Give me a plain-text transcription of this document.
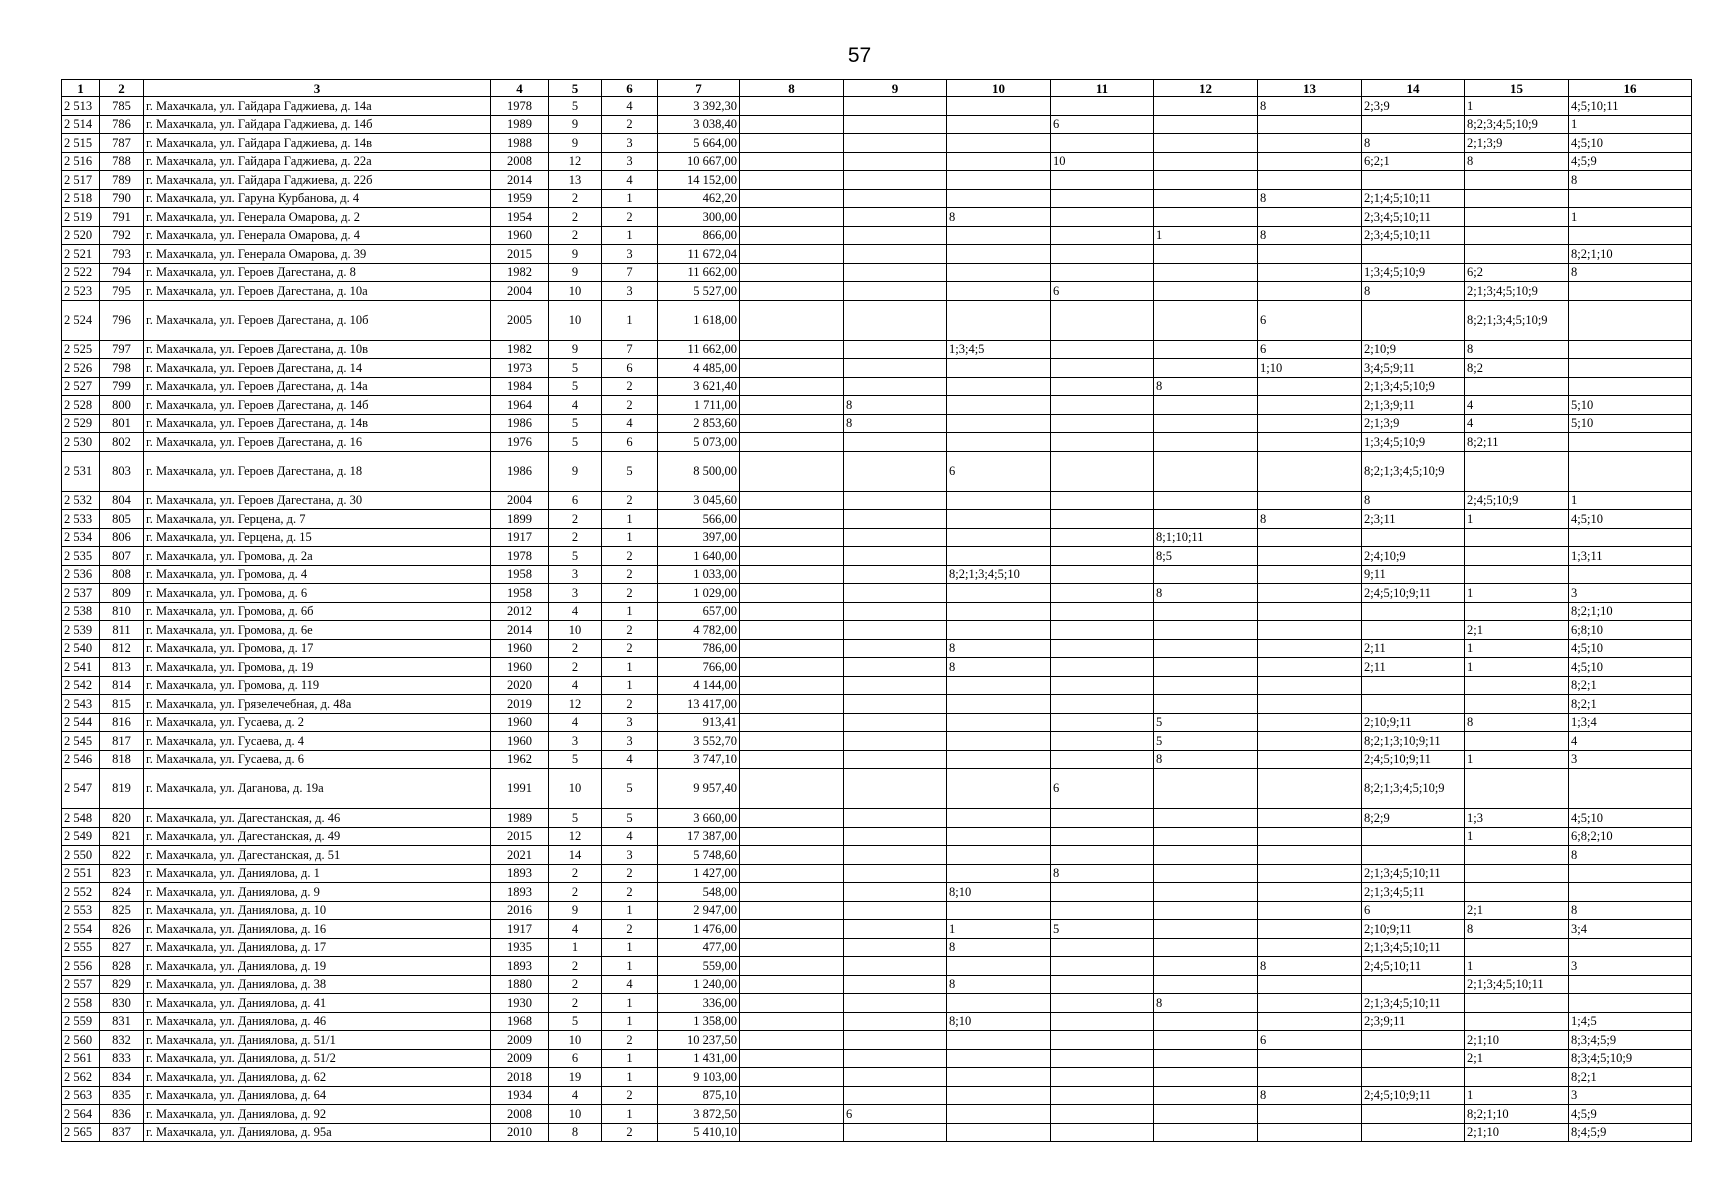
57
1	2	3	4	5	6	7	8	9	10	11	12	13	14	15	16
2 513	785	г. Махачкала, ул. Гайдара Гаджиева, д. 14а	1978	5	4	3 392,30						8	2;3;9	1	4;5;10;11
2 514	786	г. Махачкала, ул. Гайдара Гаджиева, д. 14б	1989	9	2	3 038,40				6				8;2;3;4;5;10;9	1
2 515	787	г. Махачкала, ул. Гайдара Гаджиева, д. 14в	1988	9	3	5 664,00							8	2;1;3;9	4;5;10
2 516	788	г. Махачкала, ул. Гайдара Гаджиева, д. 22а	2008	12	3	10 667,00				10			6;2;1	8	4;5;9
2 517	789	г. Махачкала, ул. Гайдара Гаджиева, д. 22б	2014	13	4	14 152,00									8
2 518	790	г. Махачкала, ул. Гаруна Курбанова, д. 4	1959	2	1	462,20						8	2;1;4;5;10;11		
2 519	791	г. Махачкала, ул. Генерала Омарова, д. 2	1954	2	2	300,00			8				2;3;4;5;10;11		1
2 520	792	г. Махачкала, ул. Генерала Омарова, д. 4	1960	2	1	866,00					1	8	2;3;4;5;10;11		
2 521	793	г. Махачкала, ул. Генерала Омарова, д. 39	2015	9	3	11 672,04									8;2;1;10
2 522	794	г. Махачкала, ул. Героев Дагестана, д. 8	1982	9	7	11 662,00							1;3;4;5;10;9	6;2	8
2 523	795	г. Махачкала, ул. Героев Дагестана, д. 10а	2004	10	3	5 527,00				6			8	2;1;3;4;5;10;9	
2 524	796	г. Махачкала, ул. Героев Дагестана, д. 10б	2005	10	1	1 618,00						6		8;2;1;3;4;5;10;9	
2 525	797	г. Махачкала, ул. Героев Дагестана, д. 10в	1982	9	7	11 662,00			1;3;4;5			6	2;10;9	8	
2 526	798	г. Махачкала, ул. Героев Дагестана, д. 14	1973	5	6	4 485,00						1;10	3;4;5;9;11	8;2	
2 527	799	г. Махачкала, ул. Героев Дагестана, д. 14а	1984	5	2	3 621,40					8		2;1;3;4;5;10;9		
2 528	800	г. Махачкала, ул. Героев Дагестана, д. 14б	1964	4	2	1 711,00		8					2;1;3;9;11	4	5;10
2 529	801	г. Махачкала, ул. Героев Дагестана, д. 14в	1986	5	4	2 853,60		8					2;1;3;9	4	5;10
2 530	802	г. Махачкала, ул. Героев Дагестана, д. 16	1976	5	6	5 073,00							1;3;4;5;10;9	8;2;11	
2 531	803	г. Махачкала, ул. Героев Дагестана, д. 18	1986	9	5	8 500,00			6				8;2;1;3;4;5;10;9		
2 532	804	г. Махачкала, ул. Героев Дагестана, д. 30	2004	6	2	3 045,60							8	2;4;5;10;9	1
2 533	805	г. Махачкала, ул. Герцена, д. 7	1899	2	1	566,00						8	2;3;11	1	4;5;10
2 534	806	г. Махачкала, ул. Герцена, д. 15	1917	2	1	397,00					8;1;10;11				
2 535	807	г. Махачкала, ул. Громова, д. 2а	1978	5	2	1 640,00					8;5		2;4;10;9		1;3;11
2 536	808	г. Махачкала, ул. Громова, д. 4	1958	3	2	1 033,00			8;2;1;3;4;5;10				9;11		
2 537	809	г. Махачкала, ул. Громова, д. 6	1958	3	2	1 029,00					8		2;4;5;10;9;11	1	3
2 538	810	г. Махачкала, ул. Громова, д. 6б	2012	4	1	657,00									8;2;1;10
2 539	811	г. Махачкала, ул. Громова, д. 6е	2014	10	2	4 782,00								2;1	6;8;10
2 540	812	г. Махачкала, ул. Громова, д. 17	1960	2	2	786,00			8				2;11	1	4;5;10
2 541	813	г. Махачкала, ул. Громова, д. 19	1960	2	1	766,00			8				2;11	1	4;5;10
2 542	814	г. Махачкала, ул. Громова, д. 119	2020	4	1	4 144,00									8;2;1
2 543	815	г. Махачкала, ул. Грязелечебная, д. 48а	2019	12	2	13 417,00									8;2;1
2 544	816	г. Махачкала, ул. Гусаева, д. 2	1960	4	3	913,41					5		2;10;9;11	8	1;3;4
2 545	817	г. Махачкала, ул. Гусаева, д. 4	1960	3	3	3 552,70					5		8;2;1;3;10;9;11		4
2 546	818	г. Махачкала, ул. Гусаева, д. 6	1962	5	4	3 747,10					8		2;4;5;10;9;11	1	3
2 547	819	г. Махачкала, ул. Даганова, д. 19а	1991	10	5	9 957,40				6			8;2;1;3;4;5;10;9		
2 548	820	г. Махачкала, ул. Дагестанская, д. 46	1989	5	5	3 660,00							8;2;9	1;3	4;5;10
2 549	821	г. Махачкала, ул. Дагестанская, д. 49	2015	12	4	17 387,00								1	6;8;2;10
2 550	822	г. Махачкала, ул. Дагестанская, д. 51	2021	14	3	5 748,60									8
2 551	823	г. Махачкала, ул. Даниялова, д. 1	1893	2	2	1 427,00				8			2;1;3;4;5;10;11		
2 552	824	г. Махачкала, ул. Даниялова, д. 9	1893	2	2	548,00			8;10				2;1;3;4;5;11		
2 553	825	г. Махачкала, ул. Даниялова, д. 10	2016	9	1	2 947,00							6	2;1	8
2 554	826	г. Махачкала, ул. Даниялова, д. 16	1917	4	2	1 476,00			1	5			2;10;9;11	8	3;4
2 555	827	г. Махачкала, ул. Даниялова, д. 17	1935	1	1	477,00			8				2;1;3;4;5;10;11		
2 556	828	г. Махачкала, ул. Даниялова, д. 19	1893	2	1	559,00						8	2;4;5;10;11	1	3
2 557	829	г. Махачкала, ул. Даниялова, д. 38	1880	2	4	1 240,00			8					2;1;3;4;5;10;11	
2 558	830	г. Махачкала, ул. Даниялова, д. 41	1930	2	1	336,00					8		2;1;3;4;5;10;11		
2 559	831	г. Махачкала, ул. Даниялова, д. 46	1968	5	1	1 358,00			8;10				2;3;9;11		1;4;5
2 560	832	г. Махачкала, ул. Даниялова, д. 51/1	2009	10	2	10 237,50						6		2;1;10	8;3;4;5;9
2 561	833	г. Махачкала, ул. Даниялова, д. 51/2	2009	6	1	1 431,00								2;1	8;3;4;5;10;9
2 562	834	г. Махачкала, ул. Даниялова, д. 62	2018	19	1	9 103,00									8;2;1
2 563	835	г. Махачкала, ул. Даниялова, д. 64	1934	4	2	875,10						8	2;4;5;10;9;11	1	3
2 564	836	г. Махачкала, ул. Даниялова, д. 92	2008	10	1	3 872,50		6						8;2;1;10	4;5;9
2 565	837	г. Махачкала, ул. Даниялова, д. 95а	2010	8	2	5 410,10								2;1;10	8;4;5;9
